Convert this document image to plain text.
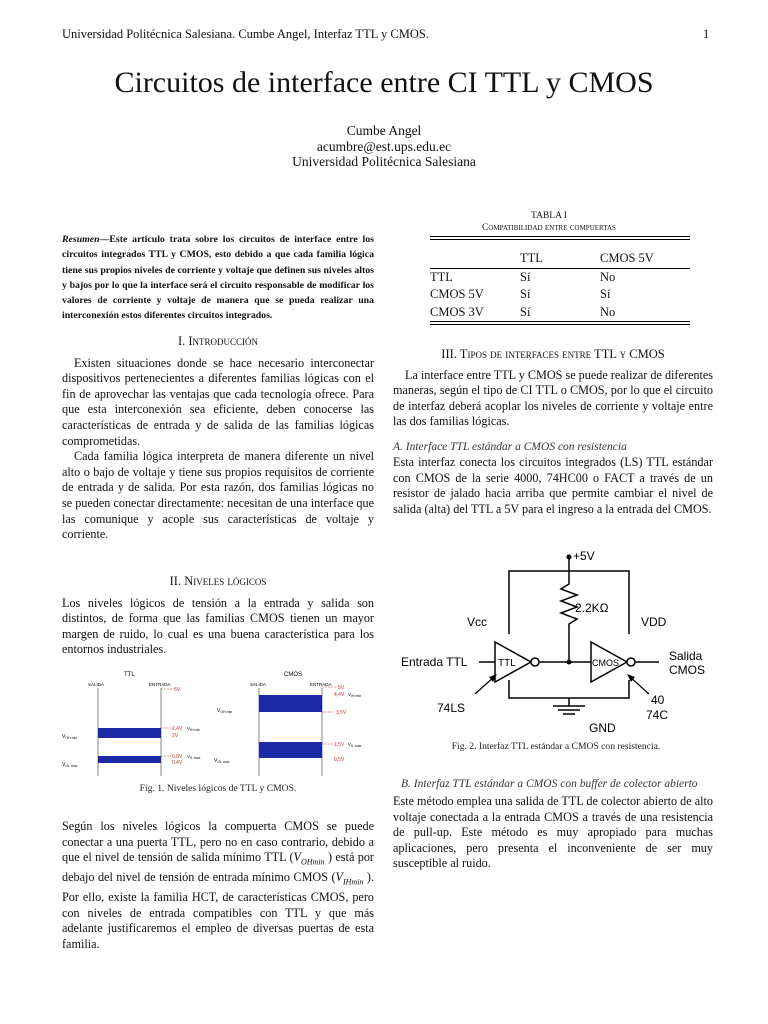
Universidad Politécnica Salesiana. Cumbe Angel, Interfaz TTL y CMOS.	1
Circuitos de interface entre CI TTL y CMOS
Cumbe Angel
acumbre@est.ups.edu.ec
Universidad Politécnica Salesiana
Resumen—Este articulo trata sobre los circuitos de interface entre los circuitos integrados TTL y CMOS, esto debido a que cada familia lógica tiene sus propios niveles de corriente y voltaje que definen sus niveles altos y bajos por lo que la interface será el circuito responsable de modificar los valores de corriente y voltaje de manera que se pueda realizar una interconexión estos diferentes circuitos integrados.
I. Introducción

Existen situaciones donde se hace necesario interconectar dispositivos pertenecientes a diferentes familias lógicas con el fin de aprovechar las ventajas que cada tecnología ofrece. Para que esta interconexión sea eficiente, deben conocerse las características de entrada y de salida de las familias lógicas comprometidas.

Cada familia lógica interpreta de manera diferente un nivel alto o bajo de voltaje y tiene sus propios requisitos de corriente de entrada y de salida. Por esta razón, dos familias lógicas no se pueden conectar directamente: necesitan de una interface que las comunique y acople sus características de voltaje y corriente.

II. Niveles lógicos

Los niveles lógicos de tensión a la entrada y salida son distintos, de forma que las familias CMOS tienen un mayor margen de ruido, lo cual es una buena característica para los entornos industriales.

TTL
SALIDA	ENTRADA
5V
2,4V $V_{IH min}$
2V
0,8V $V_{IL max}$
0,4V
$V_{OH min}$
$V_{OL max}$
CMOS
SALIDA	ENTRADA
5V
4,4V $V_{IH min}$
3,5V
1,5V $V_{IL max}$
0,5V
$V_{OH min}$
$V_{OL max}$
Fig. 1. Niveles lógicos de TTL y CMOS.

Según los niveles lógicos la compuerta CMOS se puede conectar a una puerta TTL, pero no en caso contrario, debido a que el nivel de tensión de salida mínimo TTL ($V_{OHmin}$ ) está por debajo del nivel de tensión de entrada mínimo CMOS ($V_{IHmin}$ ). Por ello, existe la familia HCT, de características CMOS, pero con niveles de entrada compatibles con TTL y que más adelante justificaremos el empleo de diversas puertas de esta familia.

TABLA I
Compatibilidad entre compuertas
	TTL	CMOS 5V
TTL	Sí	No
CMOS 5V	Sí	Sí
CMOS 3V	Sí	No
III. Tipos de interfaces entre TTL y CMOS

La interface entre TTL y CMOS se puede realizar de diferentes maneras, según el tipo de CI TTL o CMOS, por lo que el circuito de interfaz deberá acoplar los niveles de corriente y voltaje entre las dos familias lógicas.

A. Interface TTL estándar a CMOS con resistencia

Esta interfaz conecta los circuitos integrados (LS) TTL estándar con CMOS de la serie 4000, 74HC00 o FACT a través de un resistor de jalado hacia arriba que permite cambiar el nivel de salida (alta) del TTL a 5V para el ingreso a la entrada del CMOS.

+5V
2.2KΩ
Vcc	VDD
Entrada TTL	TTL	CMOS	Salida
CMOS
GND
74LS
40
74C
Fig. 2. Interfaz TTL estándar a CMOS con resistencia.
B. Interfaz TTL estándar a CMOS con buffer de colector abierto

Este método emplea una salida de TTL de colector abierto de alto voltaje conectada a la entrada CMOS a través de una resistencia de pull-up. Este método es muy apropiado para muchas aplicaciones, pero presenta el inconveniente de ser muy susceptible al ruido.
